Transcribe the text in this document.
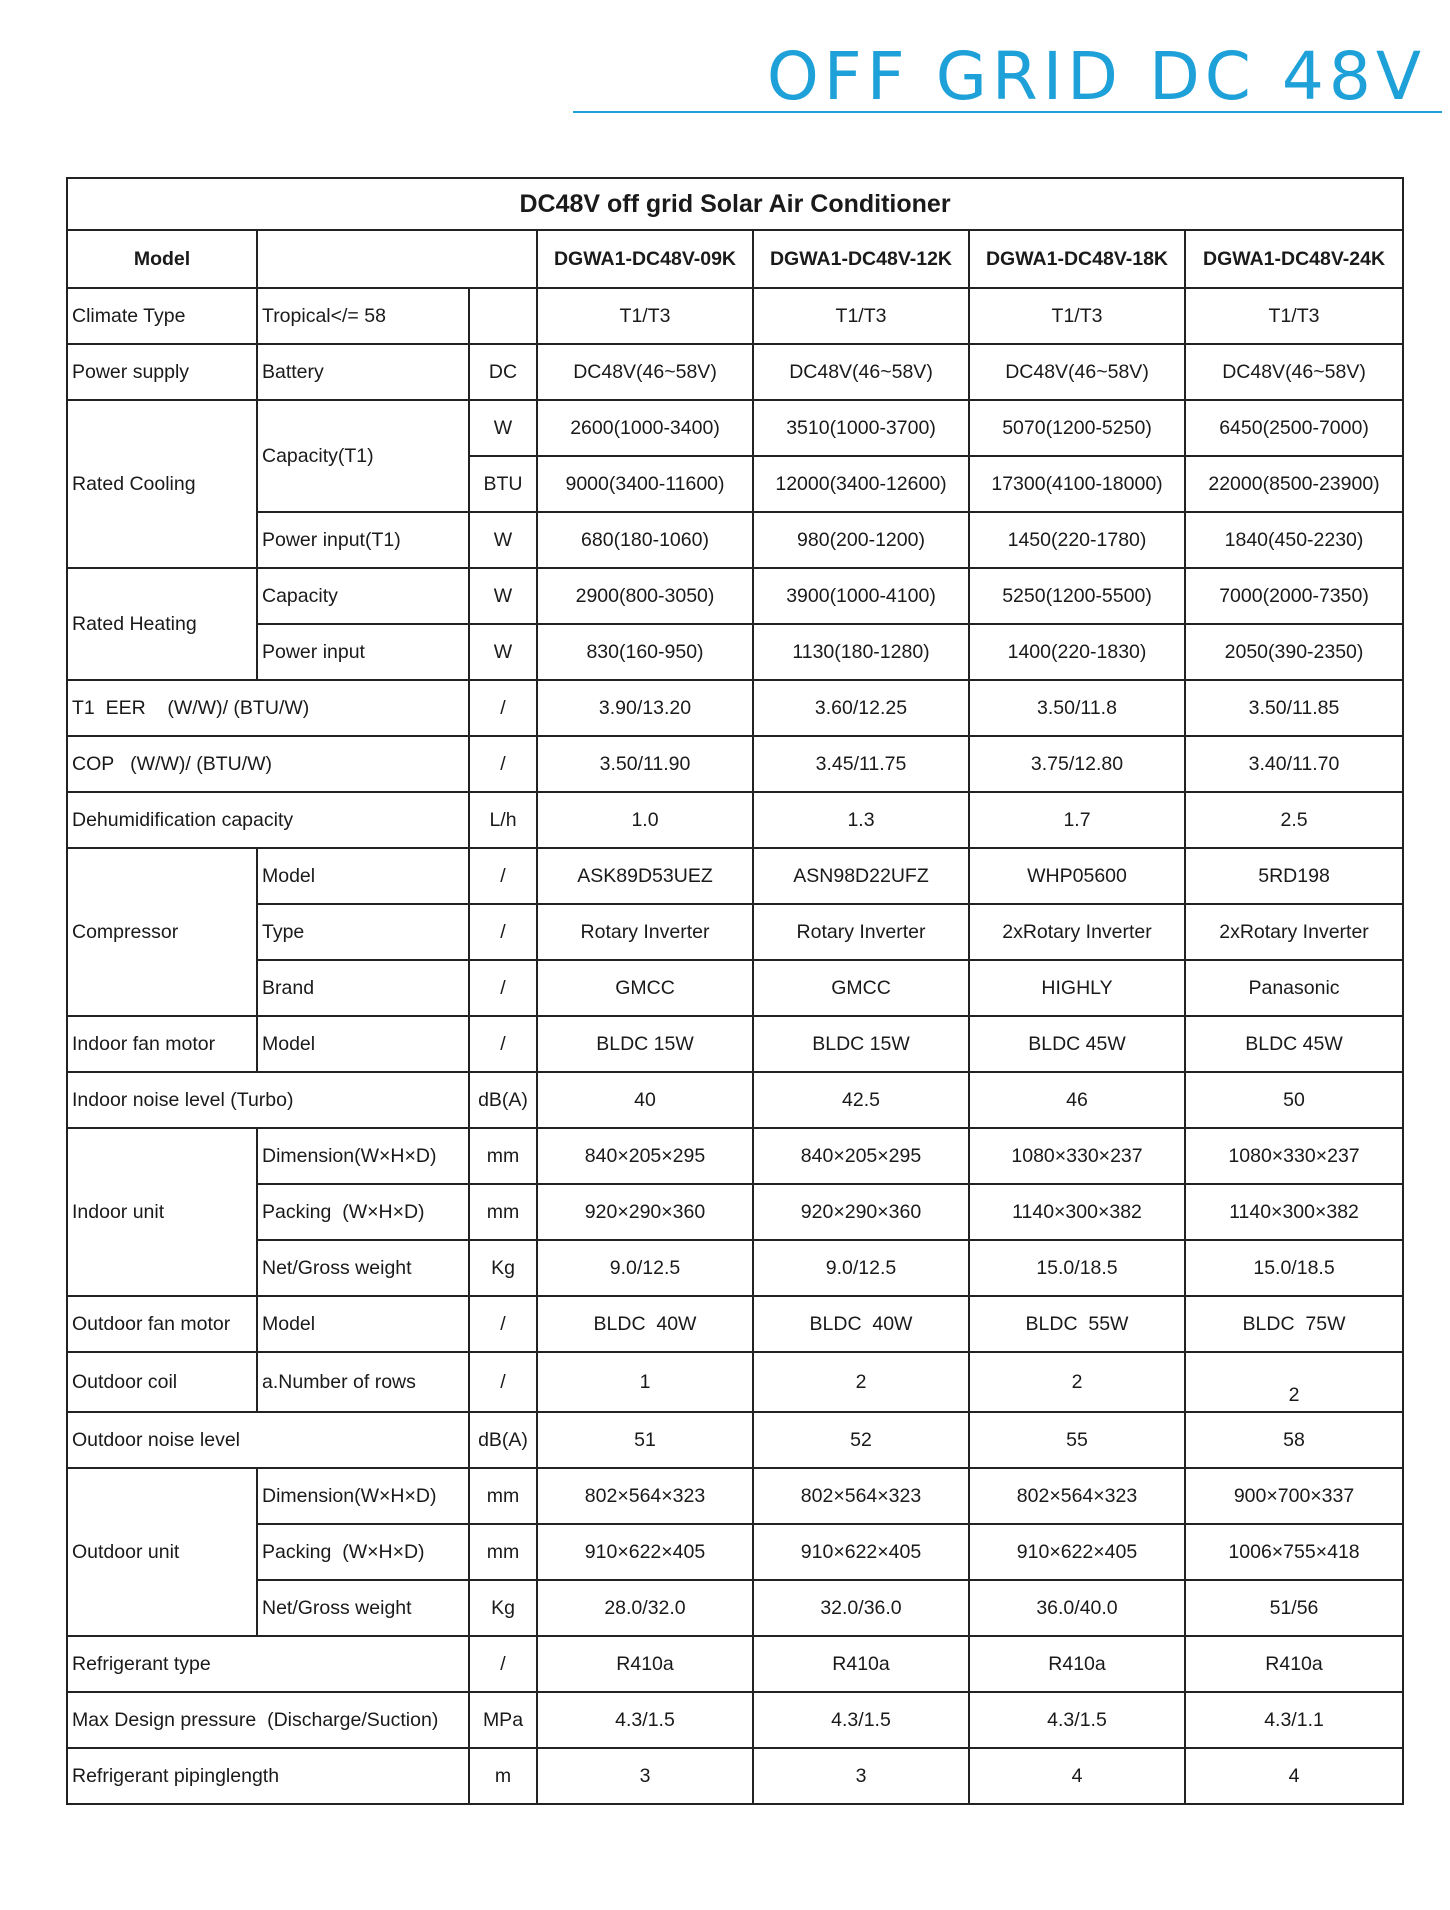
OFF GRID DC 48V
DC48V off grid Solar Air Conditioner						
Model			DGWA1-DC48V-09K	DGWA1-DC48V-12K	DGWA1-DC48V-18K	DGWA1-DC48V-24K
Climate Type	Tropical</= 58		T1/T3	T1/T3	T1/T3	T1/T3
Power supply	Battery	DC	DC48V(46~58V)	DC48V(46~58V)	DC48V(46~58V)	DC48V(46~58V)
Rated Cooling	Capacity(T1)	W	2600(1000-3400)	3510(1000-3700)	5070(1200-5250)	6450(2500-7000)
		BTU	9000(3400-11600)	12000(3400-12600)	17300(4100-18000)	22000(8500-23900)
	Power input(T1)	W	680(180-1060)	980(200-1200)	1450(220-1780)	1840(450-2230)
Rated Heating	Capacity	W	2900(800-3050)	3900(1000-4100)	5250(1200-5500)	7000(2000-7350)
	Power input	W	830(160-950)	1130(180-1280)	1400(220-1830)	2050(390-2350)
T1  EER    (W/W)/ (BTU/W)		/	3.90/13.20	3.60/12.25	3.50/11.8	3.50/11.85
COP   (W/W)/ (BTU/W)		/	3.50/11.90	3.45/11.75	3.75/12.80	3.40/11.70
Dehumidification capacity		L/h	1.0	1.3	1.7	2.5
Compressor	Model	/	ASK89D53UEZ	ASN98D22UFZ	WHP05600	5RD198
	Type	/	Rotary Inverter	Rotary Inverter	2xRotary Inverter	2xRotary Inverter
	Brand	/	GMCC	GMCC	HIGHLY	Panasonic
Indoor fan motor	Model	/	BLDC 15W	BLDC 15W	BLDC 45W	BLDC 45W
Indoor noise level (Turbo)		dB(A)	40	42.5	46	50
Indoor unit	Dimension(W×H×D)	mm	840×205×295	840×205×295	1080×330×237	1080×330×237
	Packing  (W×H×D)	mm	920×290×360	920×290×360	1140×300×382	1140×300×382
	Net/Gross weight	Kg	9.0/12.5	9.0/12.5	15.0/18.5	15.0/18.5
Outdoor fan motor	Model	/	BLDC  40W	BLDC  40W	BLDC  55W	BLDC  75W
Outdoor coil	a.Number of rows	/	1	2	2	2
Outdoor noise level		dB(A)	51	52	55	58
Outdoor unit	Dimension(W×H×D)	mm	802×564×323	802×564×323	802×564×323	900×700×337
	Packing  (W×H×D)	mm	910×622×405	910×622×405	910×622×405	1006×755×418
	Net/Gross weight	Kg	28.0/32.0	32.0/36.0	36.0/40.0	51/56
Refrigerant type		/	R410a	R410a	R410a	R410a
Max Design pressure  (Discharge/Suction)		MPa	4.3/1.5	4.3/1.5	4.3/1.5	4.3/1.1
Refrigerant pipinglength		m	3	3	4	4
